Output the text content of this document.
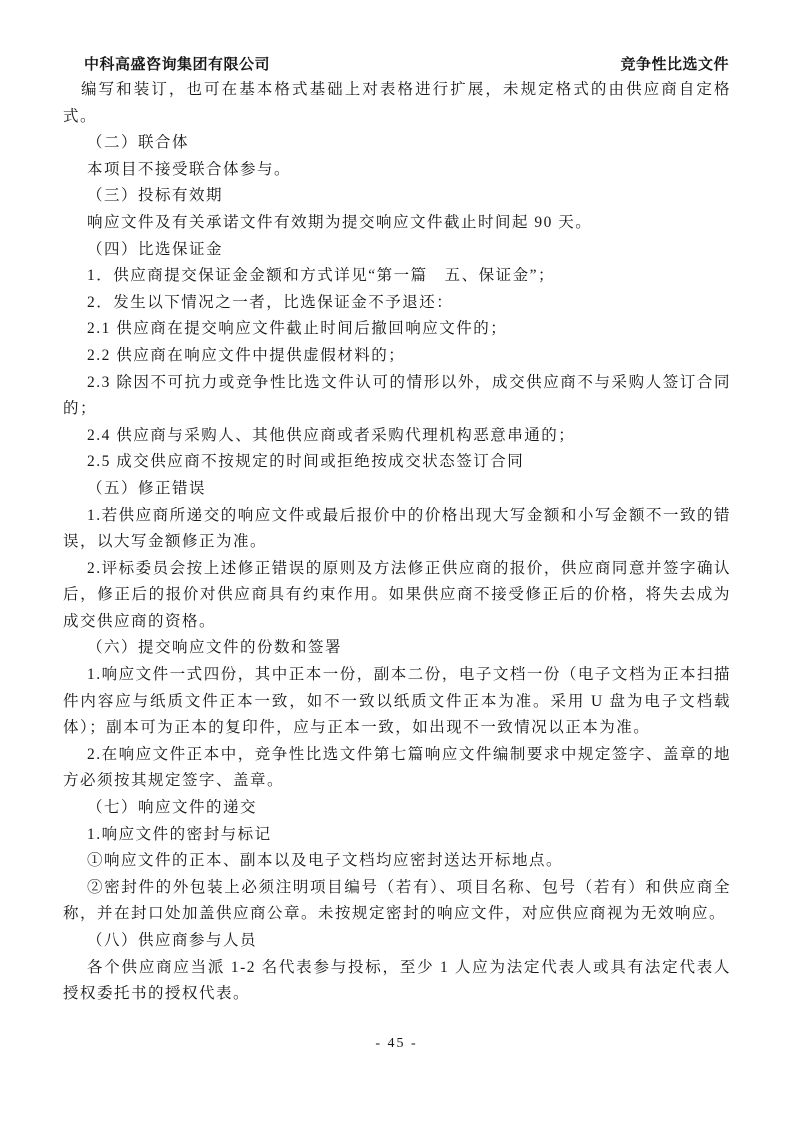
中科高盛咨询集团有限公司	竞争性比选文件

编写和装订，也可在基本格式基础上对表格进行扩展，未规定格式的由供应商自定格式。

（二）联合体

本项目不接受联合体参与。

（三）投标有效期

响应文件及有关承诺文件有效期为提交响应文件截止时间起 90 天。

（四）比选保证金

1．供应商提交保证金金额和方式详见“第一篇　五、保证金”；

2．发生以下情况之一者，比选保证金不予退还：

2.1 供应商在提交响应文件截止时间后撤回响应文件的；

2.2 供应商在响应文件中提供虚假材料的；

2.3 除因不可抗力或竞争性比选文件认可的情形以外，成交供应商不与采购人签订合同的；

2.4 供应商与采购人、其他供应商或者采购代理机构恶意串通的；

2.5 成交供应商不按规定的时间或拒绝按成交状态签订合同

（五）修正错误

1.若供应商所递交的响应文件或最后报价中的价格出现大写金额和小写金额不一致的错误，以大写金额修正为准。

2.评标委员会按上述修正错误的原则及方法修正供应商的报价，供应商同意并签字确认后，修正后的报价对供应商具有约束作用。如果供应商不接受修正后的价格，将失去成为成交供应商的资格。

（六）提交响应文件的份数和签署

1.响应文件一式四份，其中正本一份，副本二份，电子文档一份（电子文档为正本扫描件内容应与纸质文件正本一致，如不一致以纸质文件正本为准。采用 U 盘为电子文档载体）；副本可为正本的复印件，应与正本一致，如出现不一致情况以正本为准。

2.在响应文件正本中，竞争性比选文件第七篇响应文件编制要求中规定签字、盖章的地方必须按其规定签字、盖章。

（七）响应文件的递交

1.响应文件的密封与标记

①响应文件的正本、副本以及电子文档均应密封送达开标地点。

②密封件的外包装上必须注明项目编号（若有）、项目名称、包号（若有）和供应商全称，并在封口处加盖供应商公章。未按规定密封的响应文件，对应供应商视为无效响应。

（八）供应商参与人员

各个供应商应当派 1-2 名代表参与投标，至少 1 人应为法定代表人或具有法定代表人授权委托书的授权代表。

- 45 -
